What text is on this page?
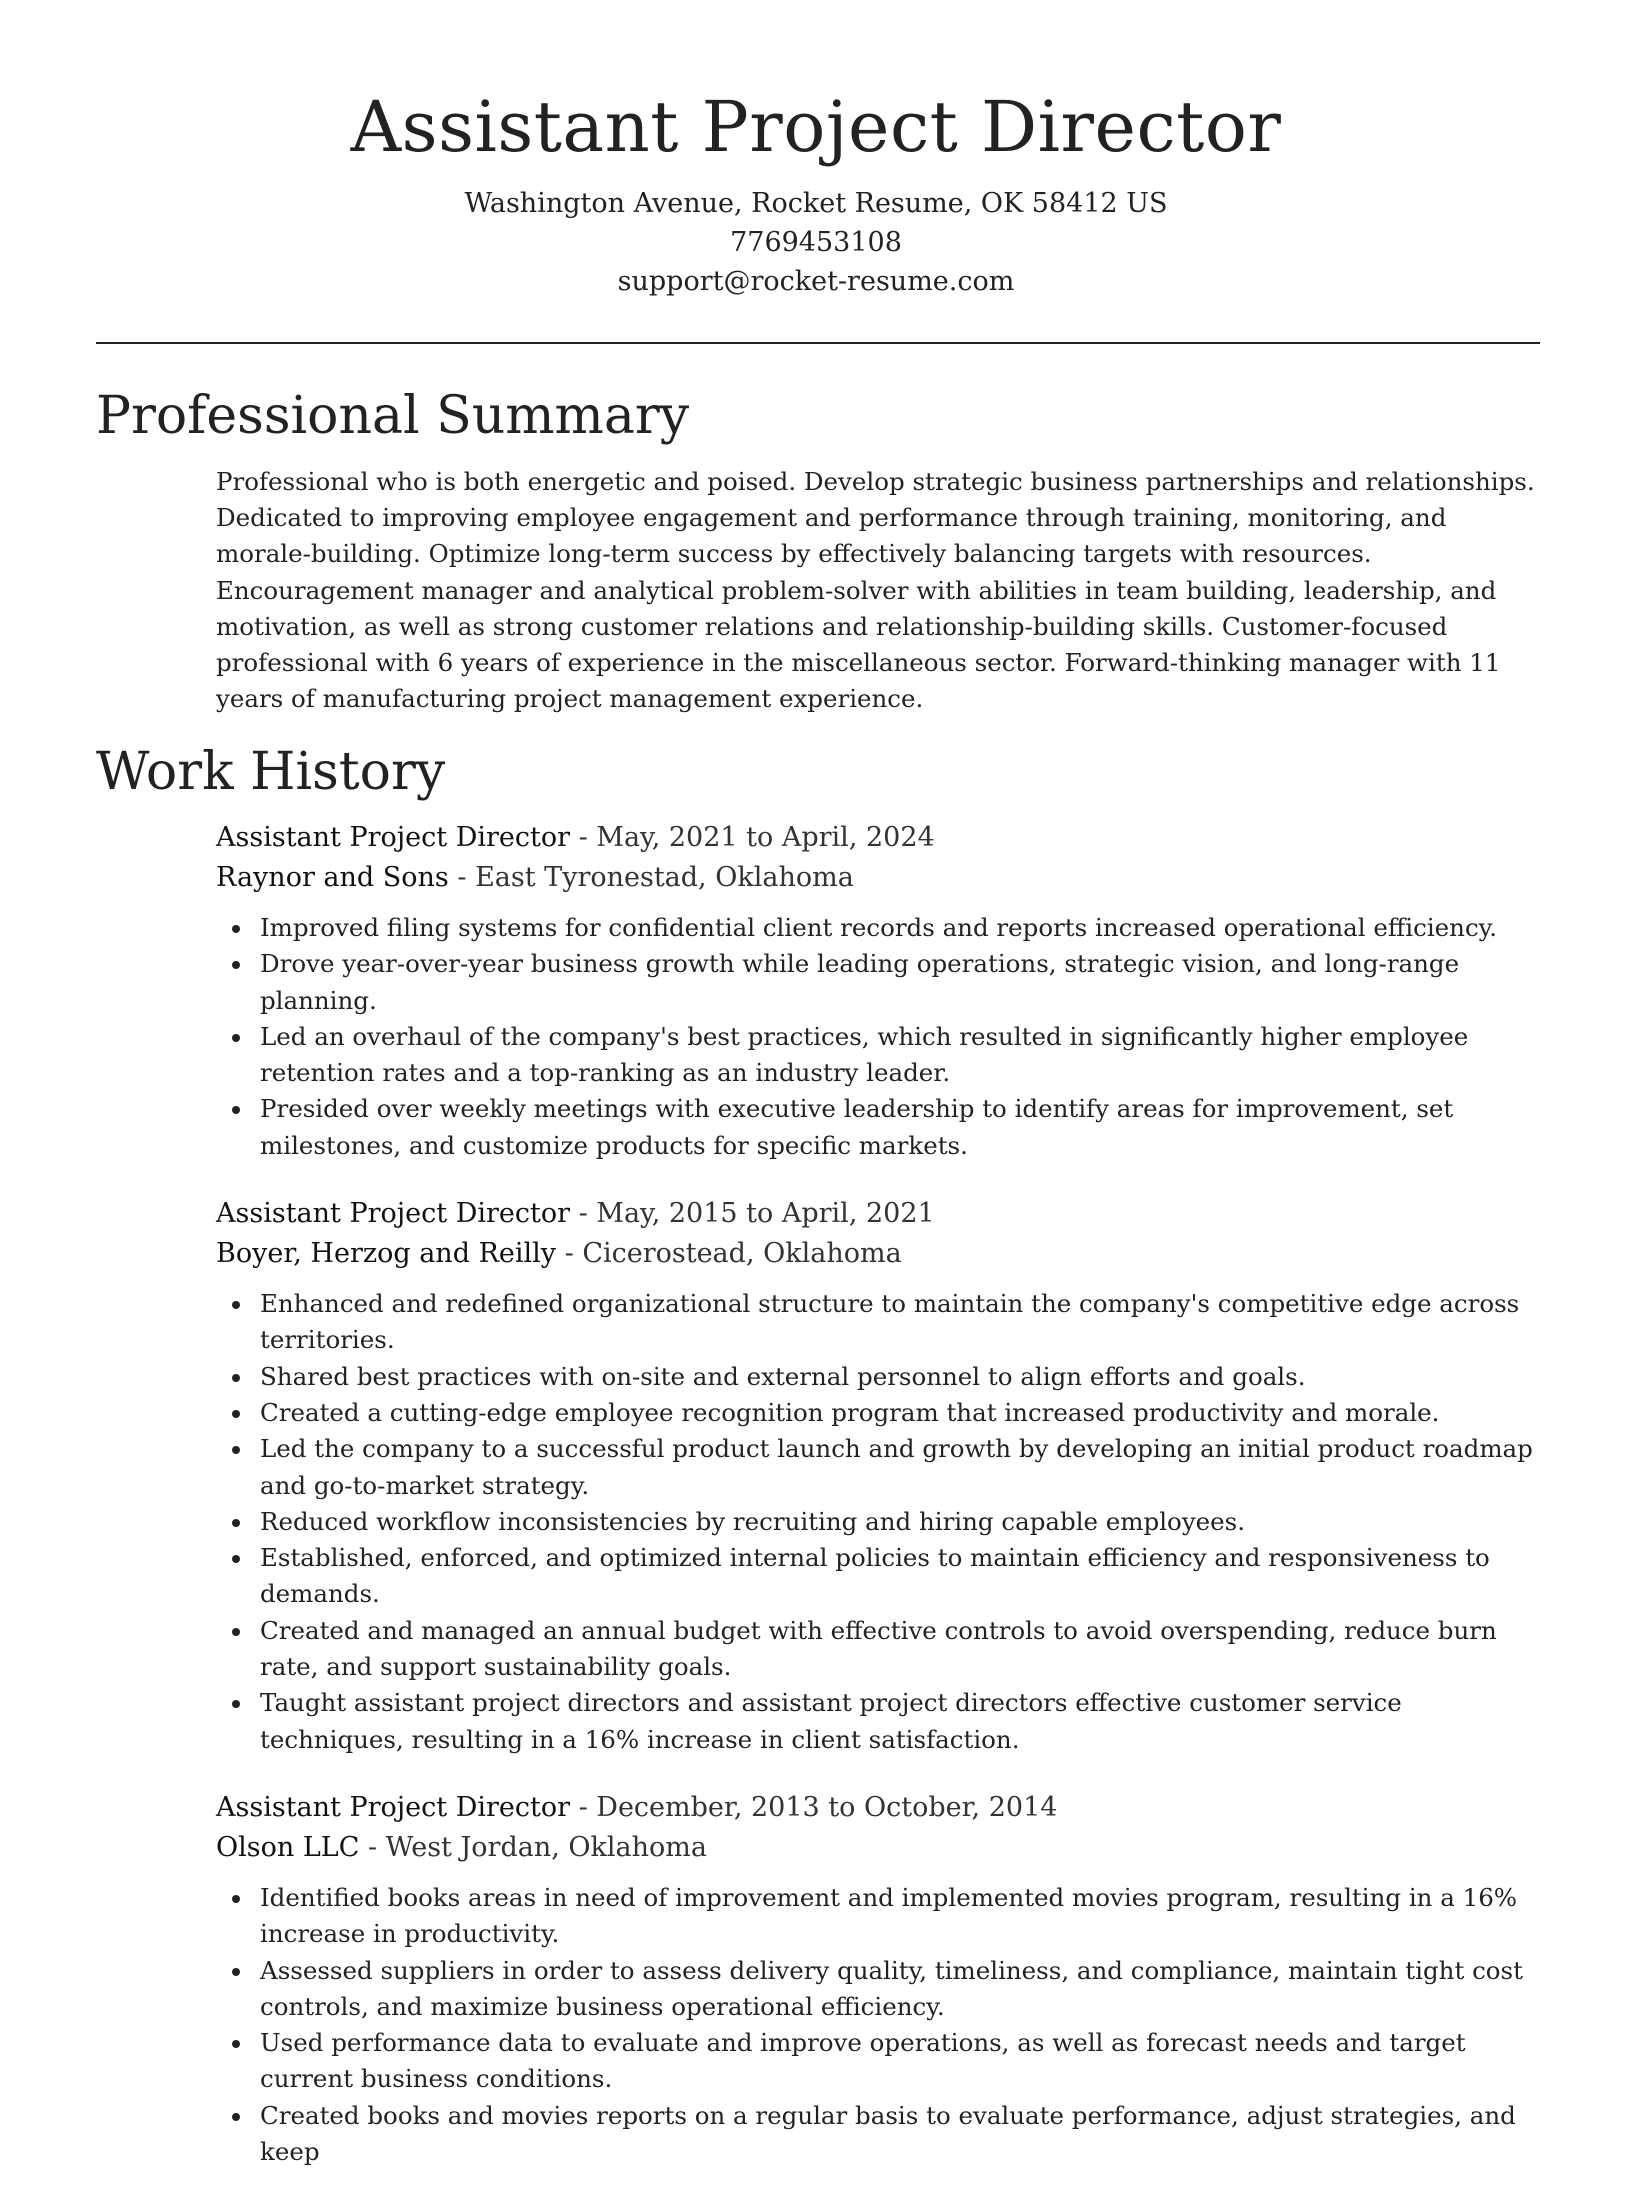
Assistant Project Director
Washington Avenue, Rocket Resume, OK 58412 US
7769453108
support@rocket-resume.com
Professional Summary

Professional who is both energetic and poised. Develop strategic business partnerships and relationships. Dedicated to improving employee engagement and performance through training, monitoring, and morale-building. Optimize long-term success by effectively balancing targets with resources. Encouragement manager and analytical problem-solver with abilities in team building, leadership, and motivation, as well as strong customer relations and relationship-building skills. Customer-focused professional with 6 years of experience in the miscellaneous sector. Forward-thinking manager with 11 years of manufacturing project management experience.

Work History

Assistant Project Director - May, 2021 to April, 2024

Raynor and Sons - East Tyronestad, Oklahoma

Improved filing systems for confidential client records and reports increased operational efficiency.
Drove year-over-year business growth while leading operations, strategic vision, and long-range planning.
Led an overhaul of the company's best practices, which resulted in significantly higher employee retention rates and a top-ranking as an industry leader.
Presided over weekly meetings with executive leadership to identify areas for improvement, set milestones, and customize products for specific markets.

Assistant Project Director - May, 2015 to April, 2021

Boyer, Herzog and Reilly - Cicerostead, Oklahoma

Enhanced and redefined organizational structure to maintain the company's competitive edge across territories.
Shared best practices with on-site and external personnel to align efforts and goals.
Created a cutting-edge employee recognition program that increased productivity and morale.
Led the company to a successful product launch and growth by developing an initial product roadmap and go-to-market strategy.
Reduced workflow inconsistencies by recruiting and hiring capable employees.
Established, enforced, and optimized internal policies to maintain efficiency and responsiveness to demands.
Created and managed an annual budget with effective controls to avoid overspending, reduce burn rate, and support sustainability goals.
Taught assistant project directors and assistant project directors effective customer service techniques, resulting in a 16% increase in client satisfaction.

Assistant Project Director - December, 2013 to October, 2014

Olson LLC - West Jordan, Oklahoma

Identified books areas in need of improvement and implemented movies program, resulting in a 16% increase in productivity.
Assessed suppliers in order to assess delivery quality, timeliness, and compliance, maintain tight cost controls, and maximize business operational efficiency.
Used performance data to evaluate and improve operations, as well as forecast needs and target current business conditions.
Created books and movies reports on a regular basis to evaluate performance, adjust strategies, and keep
